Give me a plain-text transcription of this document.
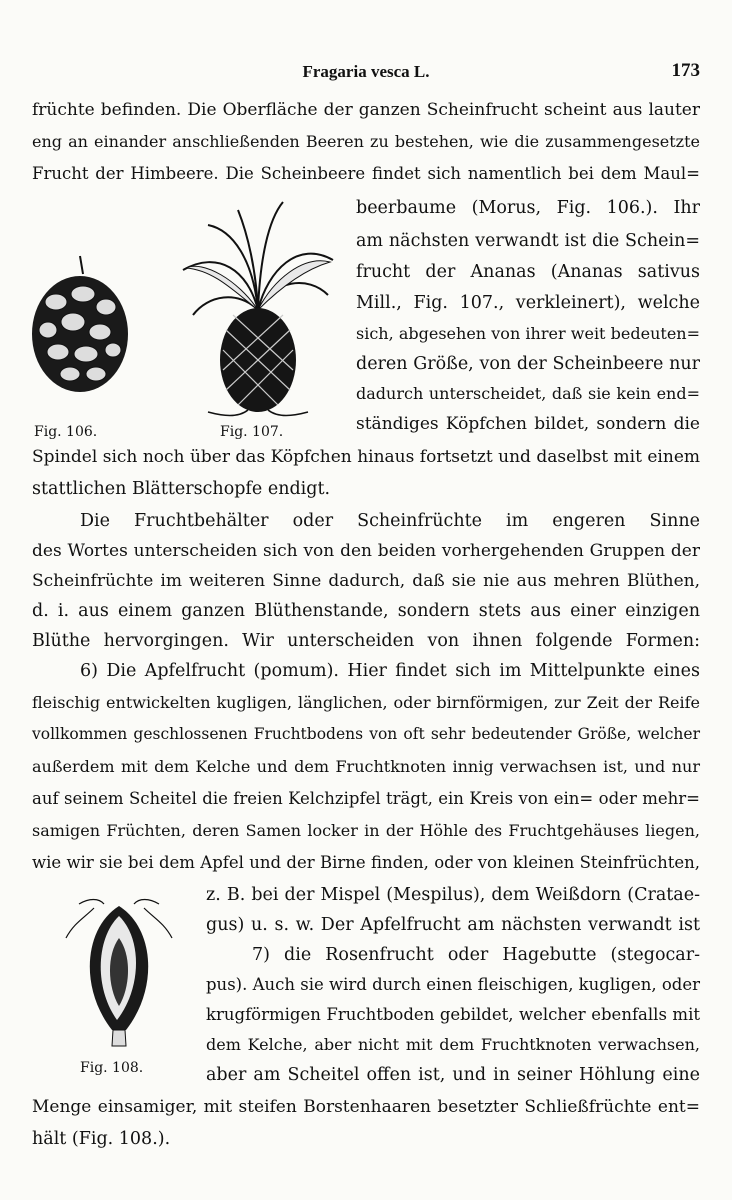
Fragaria vesca L.	173
Fig. 106.	Fig. 107.
Fig. 108.
früchte befinden. Die Oberfläche der ganzen Scheinfrucht scheint aus lauter
eng an einander anschließenden Beeren zu bestehen, wie die zusammengesetzte
Frucht der Himbeere. Die Scheinbeere findet sich namentlich bei dem Maul=
beerbaume (Morus, Fig. 106.). Ihr
am nächsten verwandt ist die Schein=
frucht der Ananas (Ananas sativus
Mill., Fig. 107., verkleinert), welche
sich, abgesehen von ihrer weit bedeuten=
deren Größe, von der Scheinbeere nur
dadurch unterscheidet, daß sie kein end=
ständiges Köpfchen bildet, sondern die
Spindel sich noch über das Köpfchen hinaus fortsetzt und daselbst mit einem
stattlichen Blätterschopfe endigt.
Die Fruchtbehälter oder Scheinfrüchte im engeren Sinne
des Wortes unterscheiden sich von den beiden vorhergehenden Gruppen der
Scheinfrüchte im weiteren Sinne dadurch, daß sie nie aus mehren Blüthen,
d. i. aus einem ganzen Blüthenstande, sondern stets aus einer einzigen
Blüthe hervorgingen. Wir unterscheiden von ihnen folgende Formen:
6) Die Apfelfrucht (pomum). Hier findet sich im Mittelpunkte eines
fleischig entwickelten kugligen, länglichen, oder birnförmigen, zur Zeit der Reife
vollkommen geschlossenen Fruchtbodens von oft sehr bedeutender Größe, welcher
außerdem mit dem Kelche und dem Fruchtknoten innig verwachsen ist, und nur
auf seinem Scheitel die freien Kelchzipfel trägt, ein Kreis von ein= oder mehr=
samigen Früchten, deren Samen locker in der Höhle des Fruchtgehäuses liegen,
wie wir sie bei dem Apfel und der Birne finden, oder von kleinen Steinfrüchten,
z. B. bei der Mispel (Mespilus), dem Weißdorn (Cratae-
gus) u. s. w. Der Apfelfrucht am nächsten verwandt ist
7) die Rosenfrucht oder Hagebutte (stegocar-
pus). Auch sie wird durch einen fleischigen, kugligen, oder
krugförmigen Fruchtboden gebildet, welcher ebenfalls mit
dem Kelche, aber nicht mit dem Fruchtknoten verwachsen,
aber am Scheitel offen ist, und in seiner Höhlung eine
Menge einsamiger, mit steifen Borstenhaaren besetzter Schließfrüchte ent=
hält (Fig. 108.).
